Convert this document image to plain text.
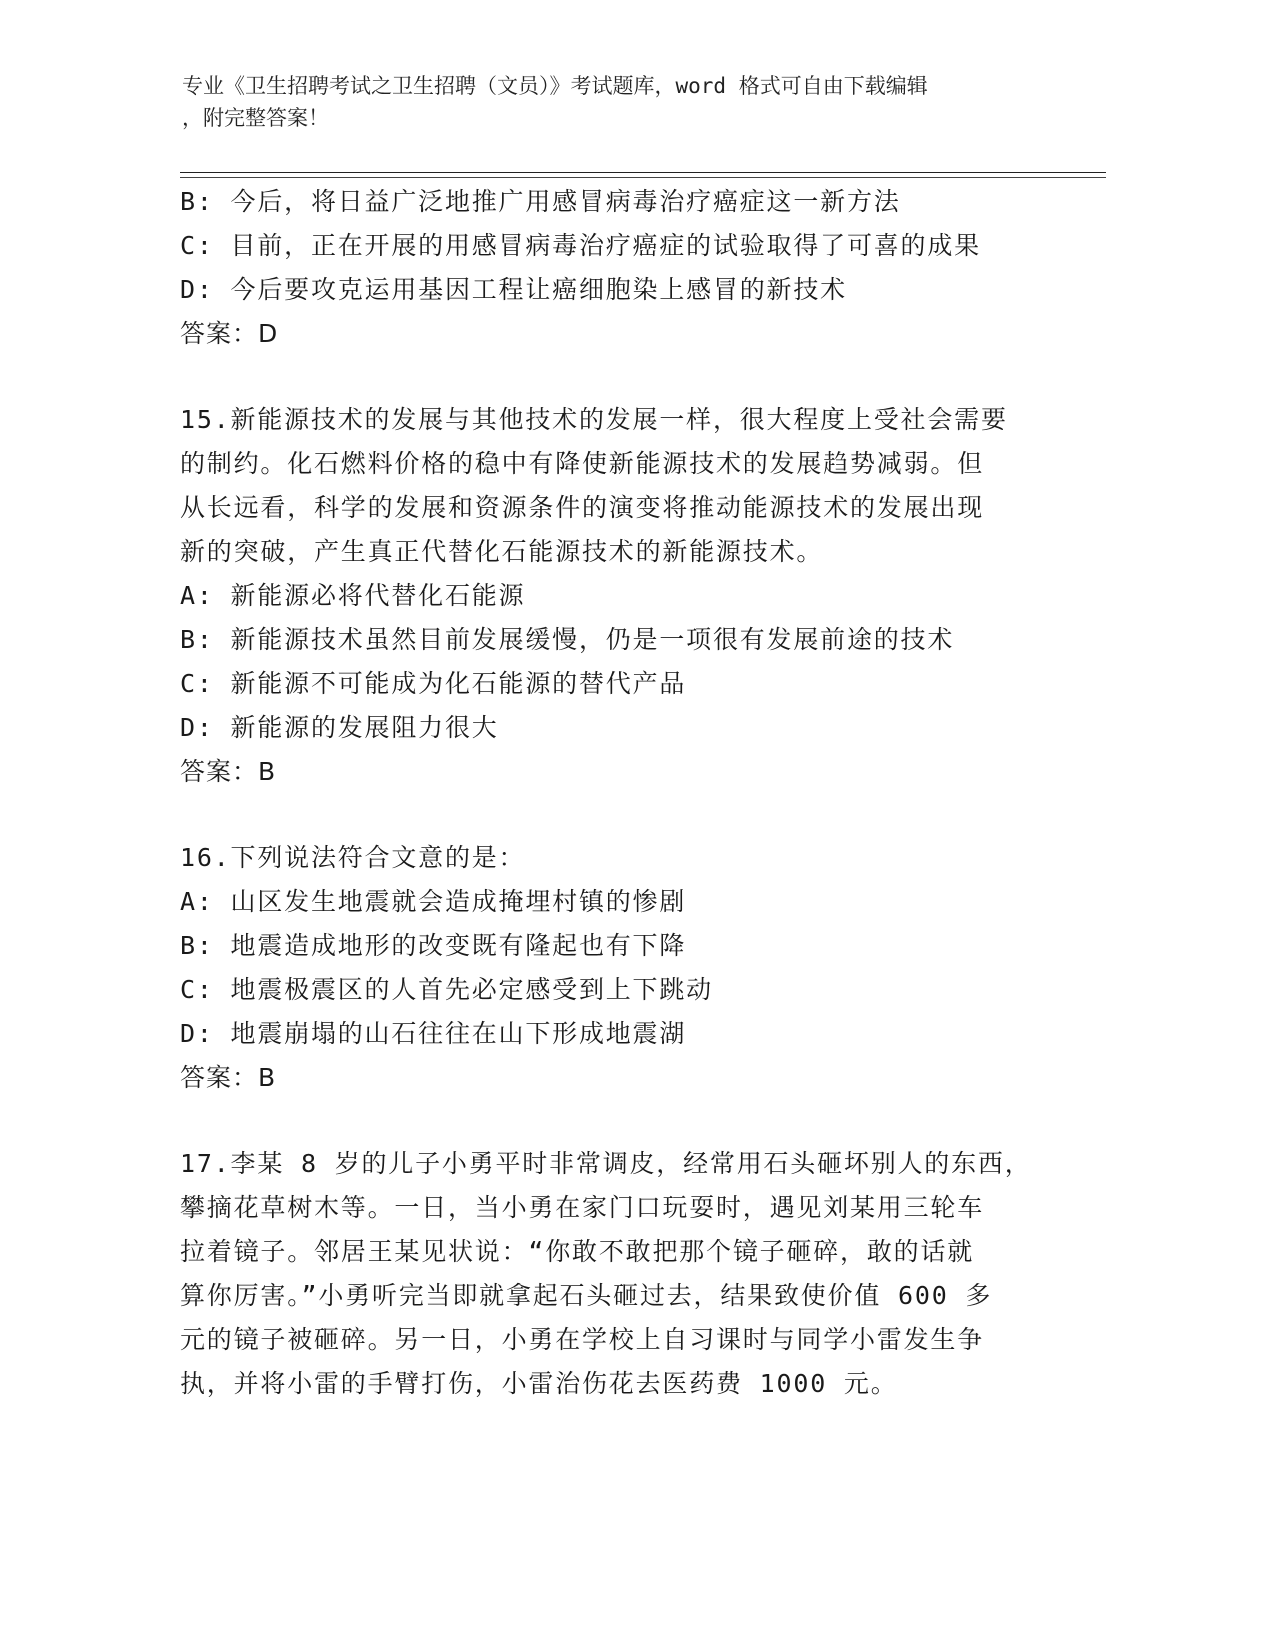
专业《卫生招聘考试之卫生招聘（文员）》考试题库，word 格式可自由下载编辑
，附完整答案！
B: 今后，将日益广泛地推广用感冒病毒治疗癌症这一新方法
C: 目前，正在开展的用感冒病毒治疗癌症的试验取得了可喜的成果
D: 今后要攻克运用基因工程让癌细胞染上感冒的新技术
答案：D
15.新能源技术的发展与其他技术的发展一样，很大程度上受社会需要
的制约。化石燃料价格的稳中有降使新能源技术的发展趋势减弱。但
从长远看，科学的发展和资源条件的演变将推动能源技术的发展出现
新的突破，产生真正代替化石能源技术的新能源技术。
A: 新能源必将代替化石能源
B: 新能源技术虽然目前发展缓慢，仍是一项很有发展前途的技术
C: 新能源不可能成为化石能源的替代产品
D: 新能源的发展阻力很大
答案：B
16.下列说法符合文意的是：
A: 山区发生地震就会造成掩埋村镇的惨剧
B: 地震造成地形的改变既有隆起也有下降
C: 地震极震区的人首先必定感受到上下跳动
D: 地震崩塌的山石往往在山下形成地震湖
答案：B
17.李某 8 岁的儿子小勇平时非常调皮，经常用石头砸坏别人的东西，
攀摘花草树木等。一日，当小勇在家门口玩耍时，遇见刘某用三轮车
拉着镜子。邻居王某见状说：“你敢不敢把那个镜子砸碎，敢的话就
算你厉害。”小勇听完当即就拿起石头砸过去，结果致使价值 600 多
元的镜子被砸碎。另一日，小勇在学校上自习课时与同学小雷发生争
执，并将小雷的手臂打伤，小雷治伤花去医药费 1000 元。
